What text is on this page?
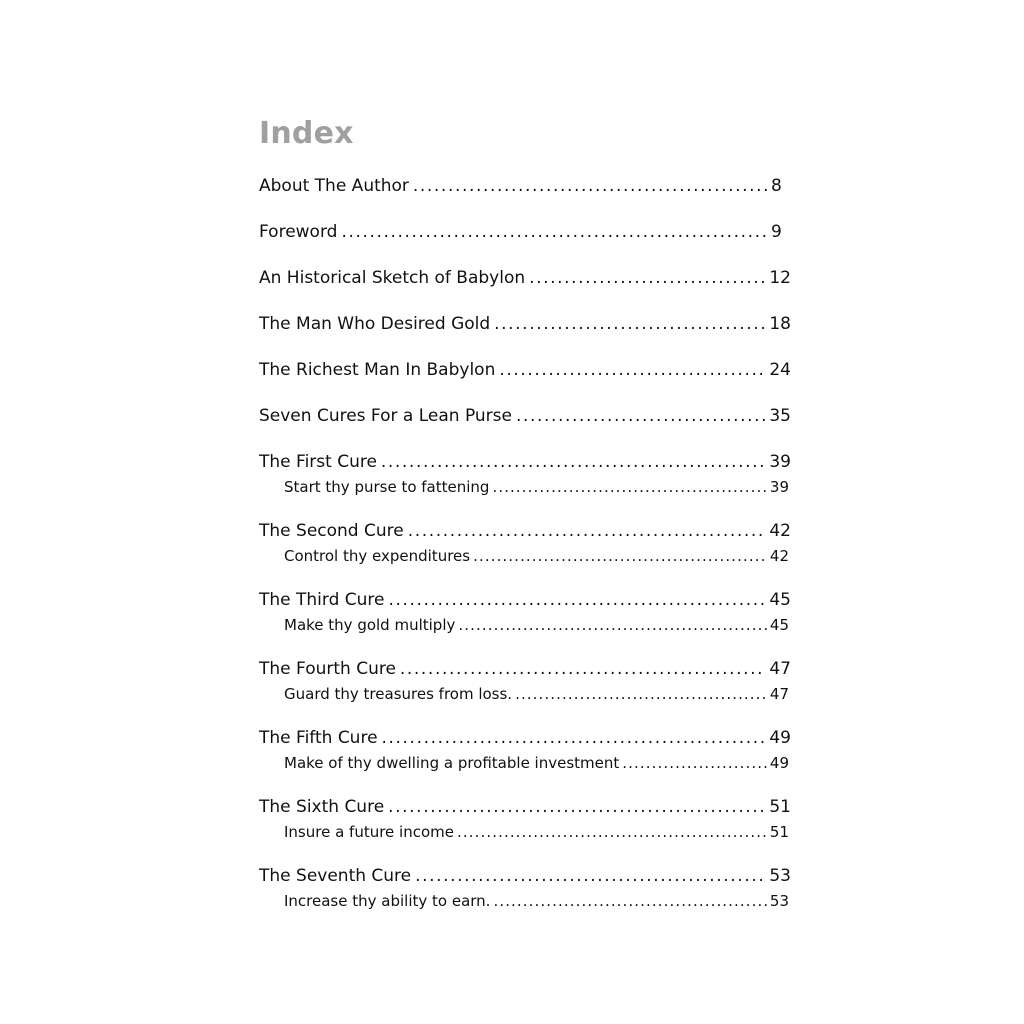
Index
About The Author .....	8
Foreword .....	9
An Historical Sketch of Babylon .....	12
The Man Who Desired Gold .....	18
The Richest Man In Babylon .....	24
Seven Cures For a Lean Purse .....	35
The First Cure .....	39
Start thy purse to fattening .....	39
The Second Cure .....	42
Control thy expenditures .....	42
The Third Cure .....	45
Make thy gold multiply .....	45
The Fourth Cure .....	47
Guard thy treasures from loss. .....	47
The Fifth Cure .....	49
Make of thy dwelling a profitable investment .....	49
The Sixth Cure .....	51
Insure a future income .....	51
The Seventh Cure .....	53
Increase thy ability to earn. .....	53
